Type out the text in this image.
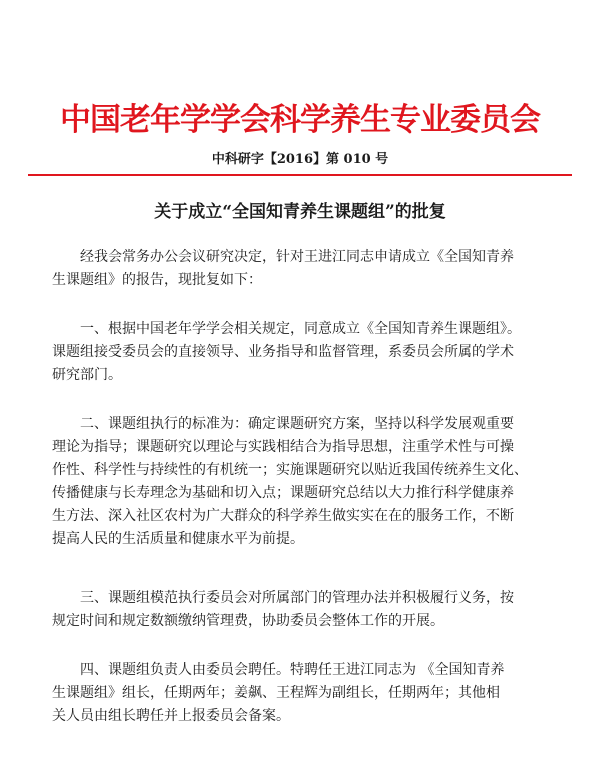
中国老年学学会科学养生专业委员会
中科研字【2016】第 010 号
关于成立“全国知青养生课题组”的批复

经我会常务办公会议研究决定，针对王进江同志申请成立《全国知青养
生课题组》的报告，现批复如下：

一、根据中国老年学学会相关规定，同意成立《全国知青养生课题组》。
课题组接受委员会的直接领导、业务指导和监督管理，系委员会所属的学术
研究部门。

二、课题组执行的标准为：确定课题研究方案，坚持以科学发展观重要
理论为指导；课题研究以理论与实践相结合为指导思想，注重学术性与可操
作性、科学性与持续性的有机统一；实施课题研究以贴近我国传统养生文化、
传播健康与长寿理念为基础和切入点；课题研究总结以大力推行科学健康养
生方法、深入社区农村为广大群众的科学养生做实实在在的服务工作，不断
提高人民的生活质量和健康水平为前提。

三、课题组模范执行委员会对所属部门的管理办法并积极履行义务，按
规定时间和规定数额缴纳管理费，协助委员会整体工作的开展。

四、课题组负责人由委员会聘任。特聘任王进江同志为 《全国知青养
生课题组》组长，任期两年；姜飙、王程辉为副组长，任期两年；其他相
关人员由组长聘任并上报委员会备案。
